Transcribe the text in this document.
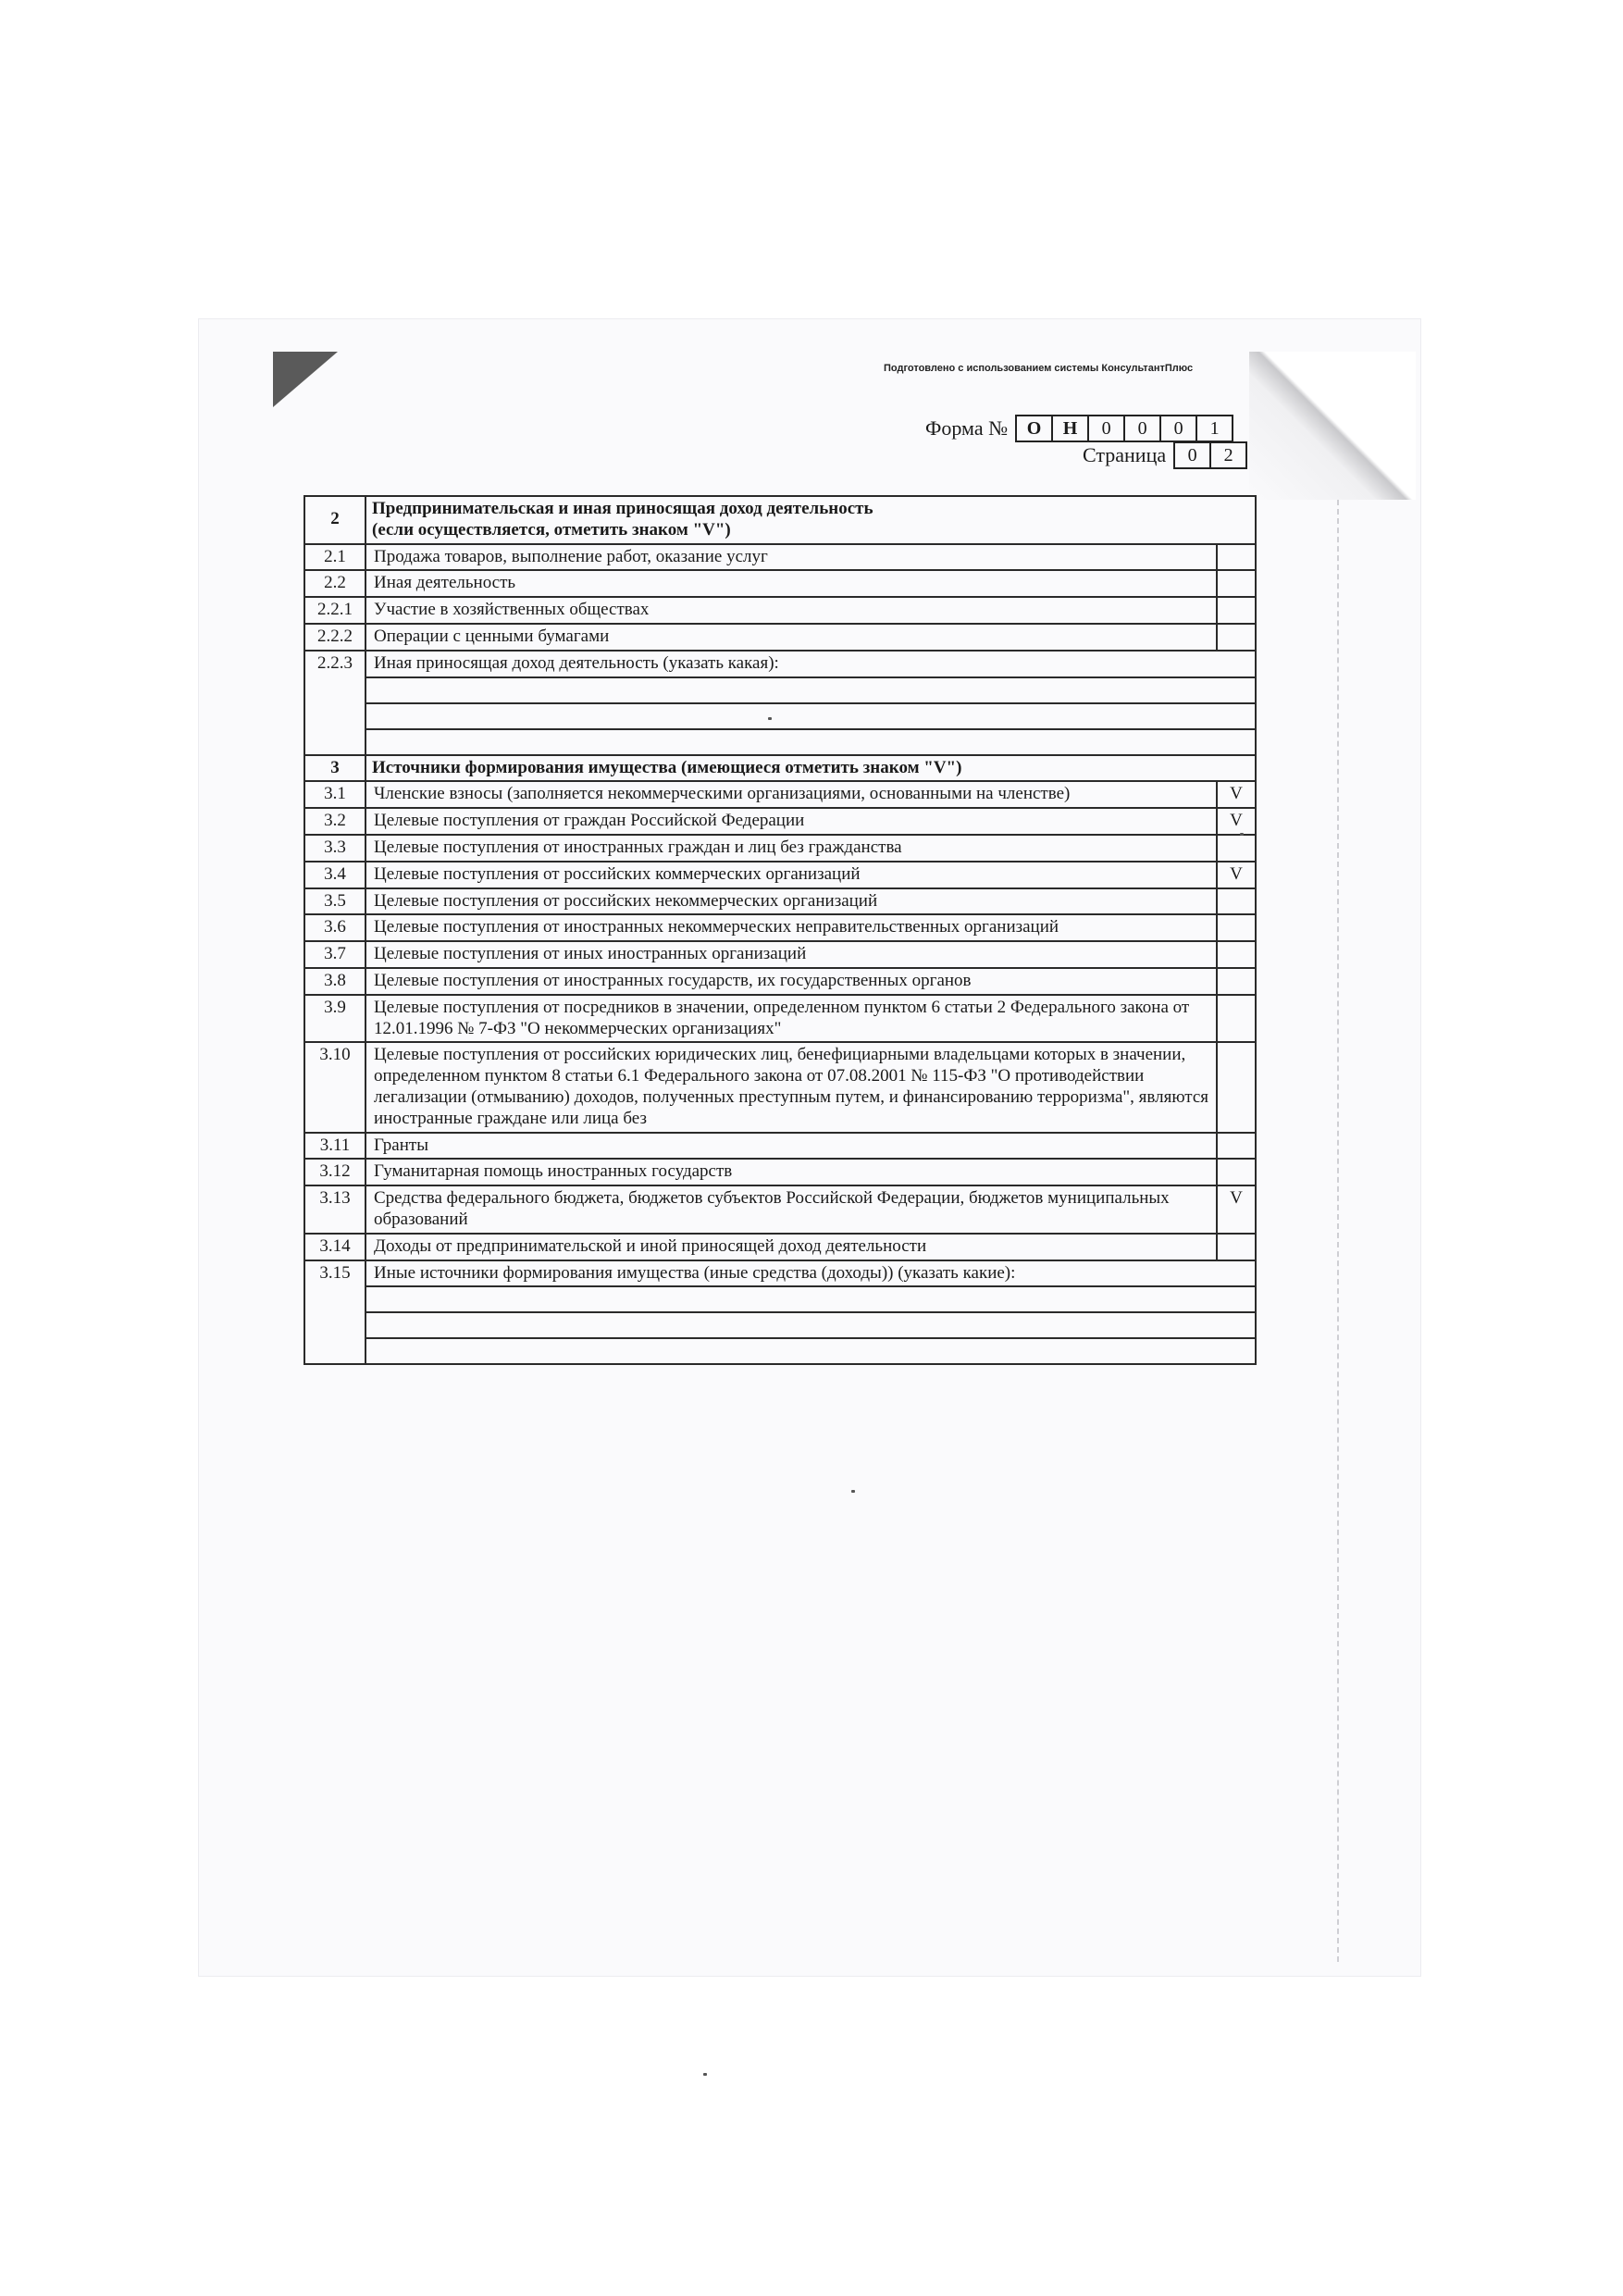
Подготовлено с использованием системы КонсультантПлюс
Форма №	О	Н	0	0	0	1
Страница	0	2
2	Предпринимательская и иная приносящая доход деятельность
(если осуществляется, отметить знаком "V")	

2.1	Продажа товаров, выполнение работ, оказание услуг	
2.2	Иная деятельность	
2.2.1	Участие в хозяйственных обществах	
2.2.2	Операции с ценными бумагами	
2.2.3	Иная приносящая доход деятельность (указать какая):	

3	Источники формирования имущества (имеющиеся отметить знаком "V")	
3.1	Членские взносы (заполняется некоммерческими организациями, основанными на членстве)	V
3.2	Целевые поступления от граждан Российской Федерации	V
3.3	Целевые поступления от иностранных граждан и лиц без гражданства	
3.4	Целевые поступления от российских коммерческих организаций	V
3.5	Целевые поступления от российских некоммерческих организаций	
3.6	Целевые поступления от иностранных некоммерческих неправительственных организаций	
3.7	Целевые поступления от иных иностранных организаций	
3.8	Целевые поступления от иностранных государств, их государственных органов	
3.9	Целевые поступления от посредников в значении, определенном пунктом 6 статьи 2 Федерального закона от 12.01.1996 № 7-ФЗ "О некоммерческих организациях"	
3.10	Целевые поступления от российских юридических лиц, бенефициарными владельцами которых в значении, определенном пунктом 8 статьи 6.1 Федерального закона от 07.08.2001 № 115-ФЗ "О противодействии легализации (отмыванию) доходов, полученных преступным путем, и финансированию терроризма", являются иностранные граждане или лица без	
3.11	Гранты	
3.12	Гуманитарная помощь иностранных государств	
3.13	Средства федерального бюджета, бюджетов субъектов Российской Федерации, бюджетов муниципальных образований	V
3.14	Доходы от предпринимательской и иной приносящей доход деятельности	
3.15	Иные источники формирования имущества (иные средства (доходы)) (указать какие):	
